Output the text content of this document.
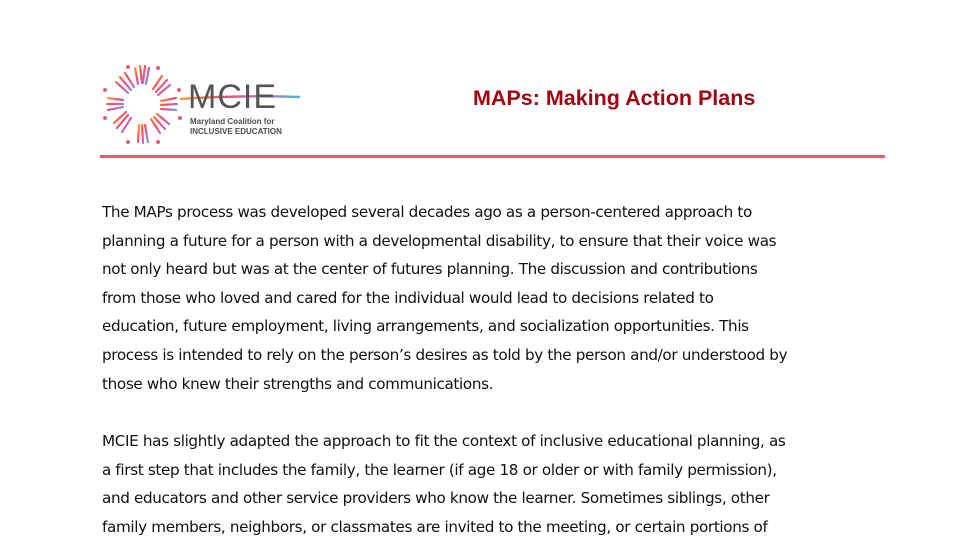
MCIE
Maryland Coalition for
INCLUSIVE EDUCATION
MAPs: Making Action Plans
The MAPs process was developed several decades ago as a person-centered approach to
planning a future for a person with a developmental disability, to ensure that their voice was
not only heard but was at the center of futures planning. The discussion and contributions
from those who loved and cared for the individual would lead to decisions related to
education, future employment, living arrangements, and socialization opportunities. This
process is intended to rely on the person’s desires as told by the person and/or understood by
those who knew their strengths and communications.
MCIE has slightly adapted the approach to fit the context of inclusive educational planning, as
a first step that includes the family, the learner (if age 18 or older or with family permission),
and educators and other service providers who know the learner. Sometimes siblings, other
family members, neighbors, or classmates are invited to the meeting, or certain portions of
